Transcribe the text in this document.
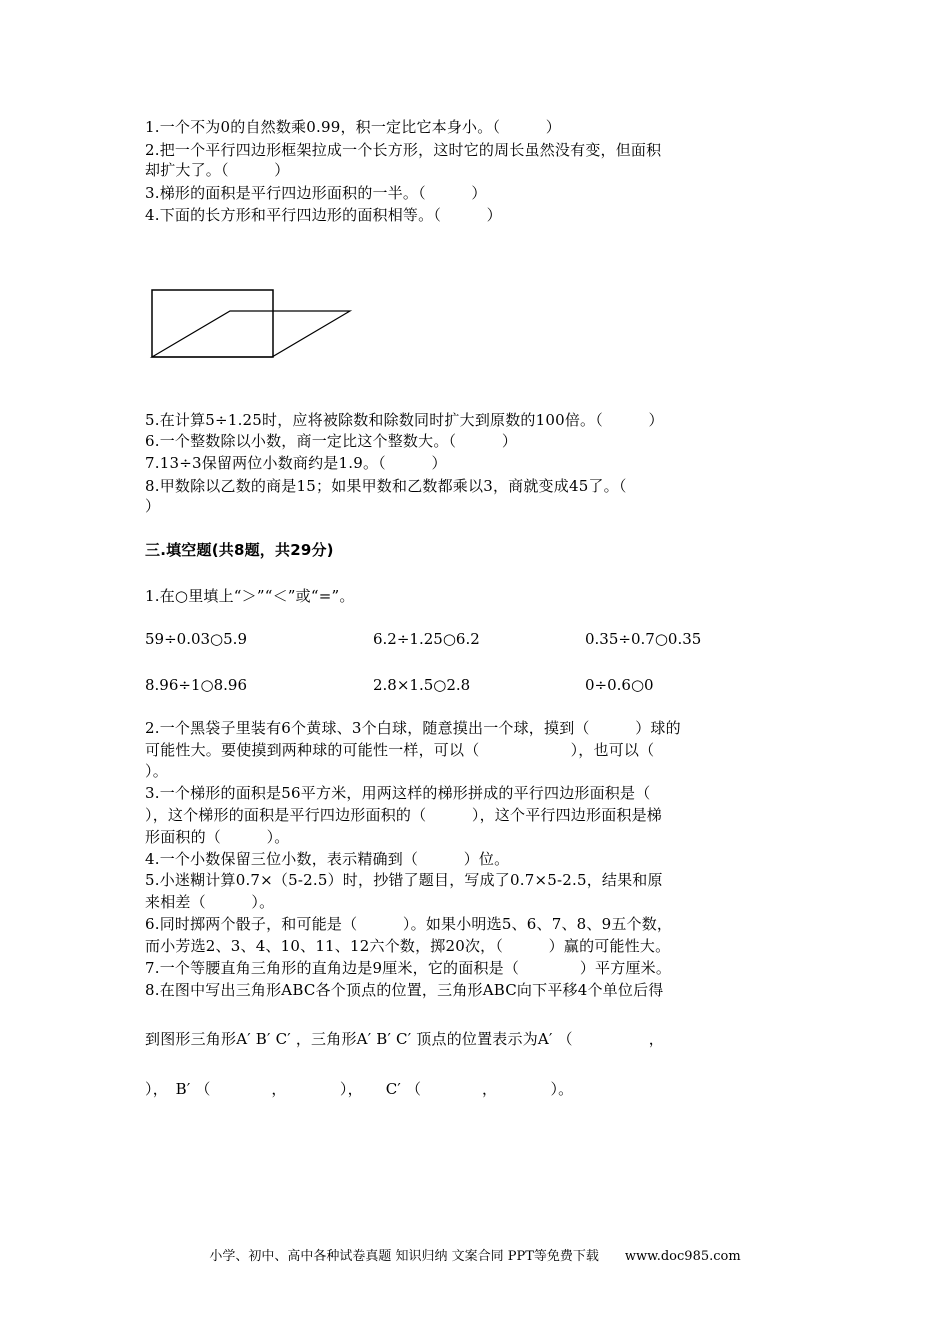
1.一个不为0的自然数乘0.99，积一定比它本身小。（　　　）
2.把一个平行四边形框架拉成一个长方形，这时它的周长虽然没有变，但面积
却扩大了。（　　　）
3.梯形的面积是平行四边形面积的一半。（　　　）
4.下面的长方形和平行四边形的面积相等。（　　　）
5.在计算5÷1.25时，应将被除数和除数同时扩大到原数的100倍。（　　　）
6.一个整数除以小数，商一定比这个整数大。（　　　）
7.13÷3保留两位小数商约是1.9。（　　　）
8.甲数除以乙数的商是15；如果甲数和乙数都乘以3，商就变成45了。（
）
三.填空题(共8题，共29分)
1.在○里填上“＞”“＜”或“=”。
59÷0.03○5.9	6.2÷1.25○6.2	0.35÷0.7○0.35
8.96÷1○8.96	2.8×1.5○2.8	0÷0.6○0
2.一个黑袋子里装有6个黄球、3个白球，随意摸出一个球，摸到（　　　）球的
可能性大。要使摸到两种球的可能性一样，可以（　　　　　　），也可以（
）。
3.一个梯形的面积是56平方米，用两这样的梯形拼成的平行四边形面积是（
），这个梯形的面积是平行四边形面积的（　　　），这个平行四边形面积是梯
形面积的（　　　）。
4.一个小数保留三位小数，表示精确到（　　　）位。
5.小迷糊计算0.7×（5-2.5）时，抄错了题目，写成了0.7×5-2.5，结果和原
来相差（　　　）。
6.同时掷两个骰子，和可能是（　　　）。如果小明选5、6、7、8、9五个数，
而小芳选2、3、4、10、11、12六个数，掷20次，（　　　）赢的可能性大。
7.一个等腰直角三角形的直角边是9厘米，它的面积是（　　　　）平方厘米。
8.在图中写出三角形ABC各个顶点的位置，三角形ABC向下平移4个单位后得
到图形三角形A′ B′ C′ ，三角形A′ B′ C′ 顶点的位置表示为A′ （　　　　　，
），　B′ （　　　　，　　　　），　　C′ （　　　　，　　　　）。
小学、初中、高中各种试卷真题 知识归纳 文案合同 PPT等免费下载 www.doc985.com
